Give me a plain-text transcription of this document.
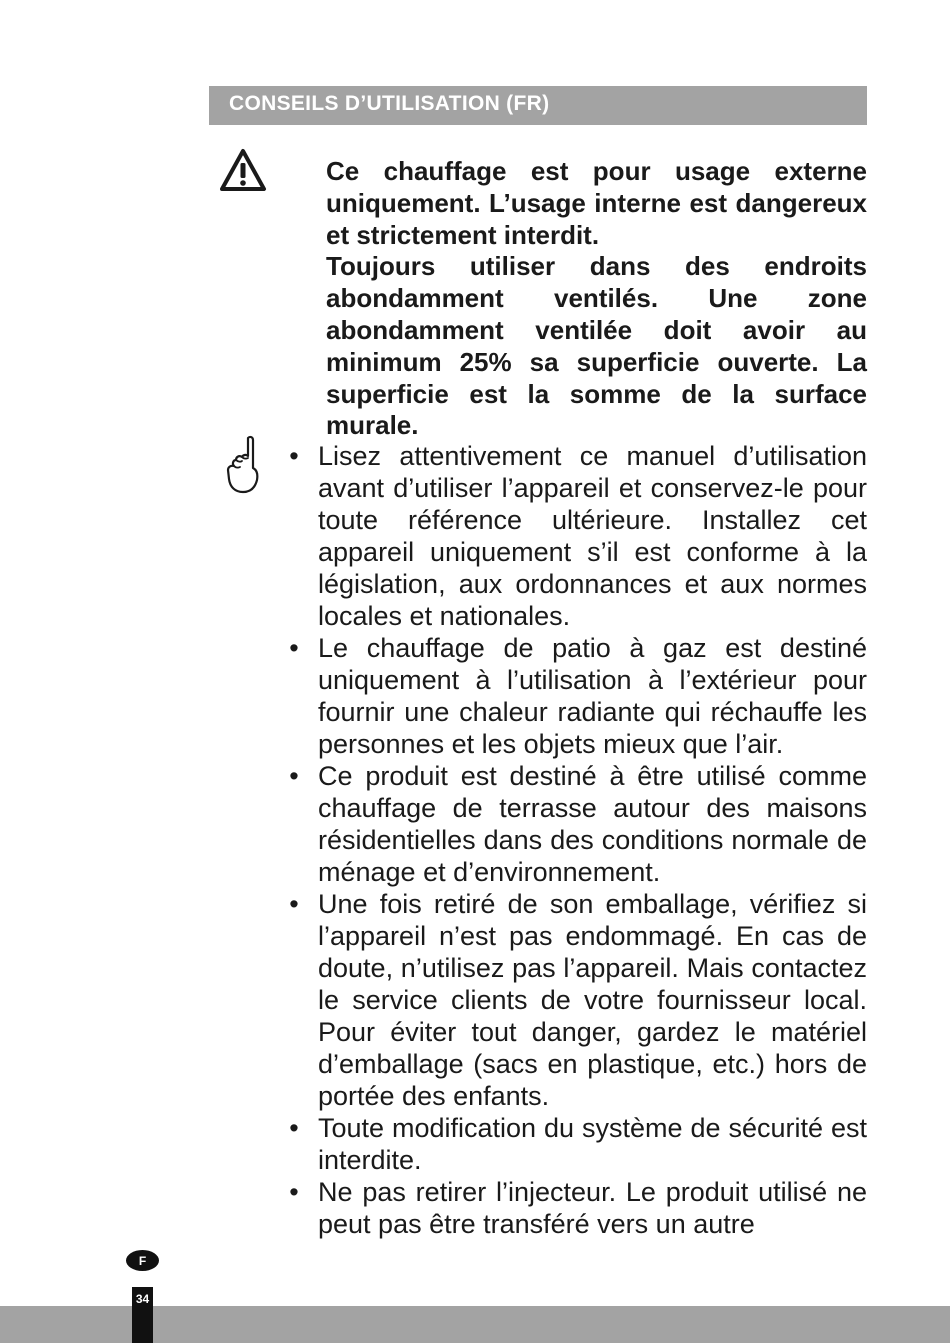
CONSEILS D’UTILISATION (FR)

Ce chauffage est pour usage externe uniquement. L’usage interne est dangereux et strictement interdit.

Toujours utiliser dans des endroits abondamment ventilés. Une zone abondamment ventilée doit avoir au minimum 25% sa superficie ouverte. La superficie est la somme de la surface murale.

• Lisez attentivement ce manuel d’utilisation avant d’utiliser l’appareil et conservez-le pour toute référence ultérieure. Installez cet appareil uniquement s’il est conforme à la législation, aux ordonnances et aux normes locales et nationales.
• Le chauffage de patio à gaz est destiné uniquement à l’utilisation à l’extérieur pour fournir une chaleur radiante qui réchauffe les personnes et les objets mieux que l’air.
• Ce produit est destiné à être utilisé comme chauffage de terrasse autour des maisons résidentielles dans des conditions normale de ménage et d’environnement.
• Une fois retiré de son emballage, vérifiez si l’appareil n’est pas endommagé. En cas de doute, n’utilisez pas l’appareil. Mais contactez le service clients de votre fournisseur local. Pour éviter tout danger, gardez le matériel d’emballage (sacs en plastique, etc.) hors de portée des enfants.
• Toute modification du système de sécurité est interdite.
• Ne pas retirer l’injecteur. Le produit utilisé ne peut pas être transféré vers un autre
F
34
